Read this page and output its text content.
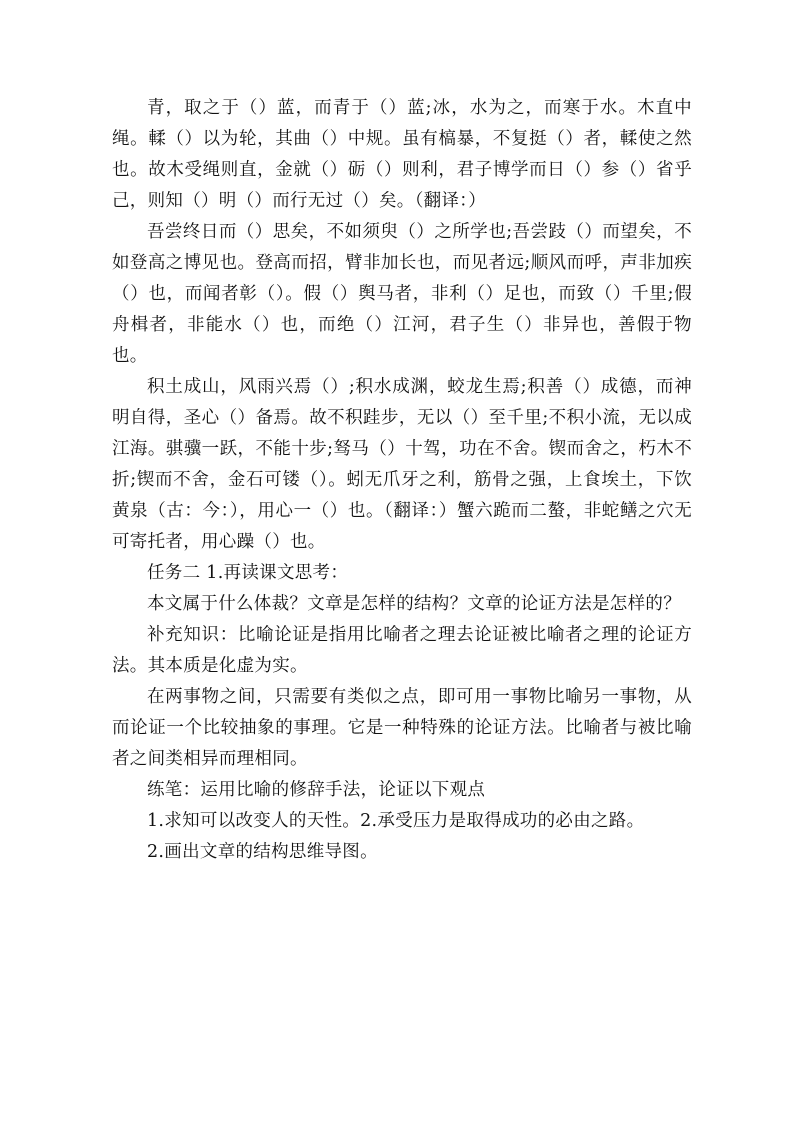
青，取之于（）蓝，而青于（）蓝;冰，水为之，而寒于水。木直中绳。輮（）以为轮，其曲（）中规。虽有槁暴，不复挺（）者，輮使之然也。故木受绳则直，金就（）砺（）则利，君子博学而日（）参（）省乎己，则知（）明（）而行无过（）矣。（翻译：）

吾尝终日而（）思矣，不如须臾（）之所学也;吾尝跂（）而望矣，不如登高之博见也。登高而招，臂非加长也，而见者远;顺风而呼，声非加疾（）也，而闻者彰（）。假（）舆马者，非利（）足也，而致（）千里;假舟楫者，非能水（）也，而绝（）江河，君子生（）非异也，善假于物也。

积土成山，风雨兴焉（）;积水成渊，蛟龙生焉;积善（）成德，而神明自得，圣心（）备焉。故不积跬步，无以（）至千里;不积小流，无以成江海。骐骥一跃，不能十步;驽马（）十驾，功在不舍。锲而舍之，朽木不折;锲而不舍，金石可镂（）。蚓无爪牙之利，筋骨之强，上食埃土，下饮黄泉（古：今：），用心一（）也。（翻译：）蟹六跪而二螯，非蛇鳝之穴无可寄托者，用心躁（）也。

任务二 1.再读课文思考：

本文属于什么体裁？文章是怎样的结构？文章的论证方法是怎样的？

补充知识：比喻论证是指用比喻者之理去论证被比喻者之理的论证方法。其本质是化虚为实。

在两事物之间，只需要有类似之点，即可用一事物比喻另一事物，从而论证一个比较抽象的事理。它是一种特殊的论证方法。比喻者与被比喻者之间类相异而理相同。

练笔：运用比喻的修辞手法，论证以下观点

1.求知可以改变人的天性。2.承受压力是取得成功的必由之路。

2.画出文章的结构思维导图。
